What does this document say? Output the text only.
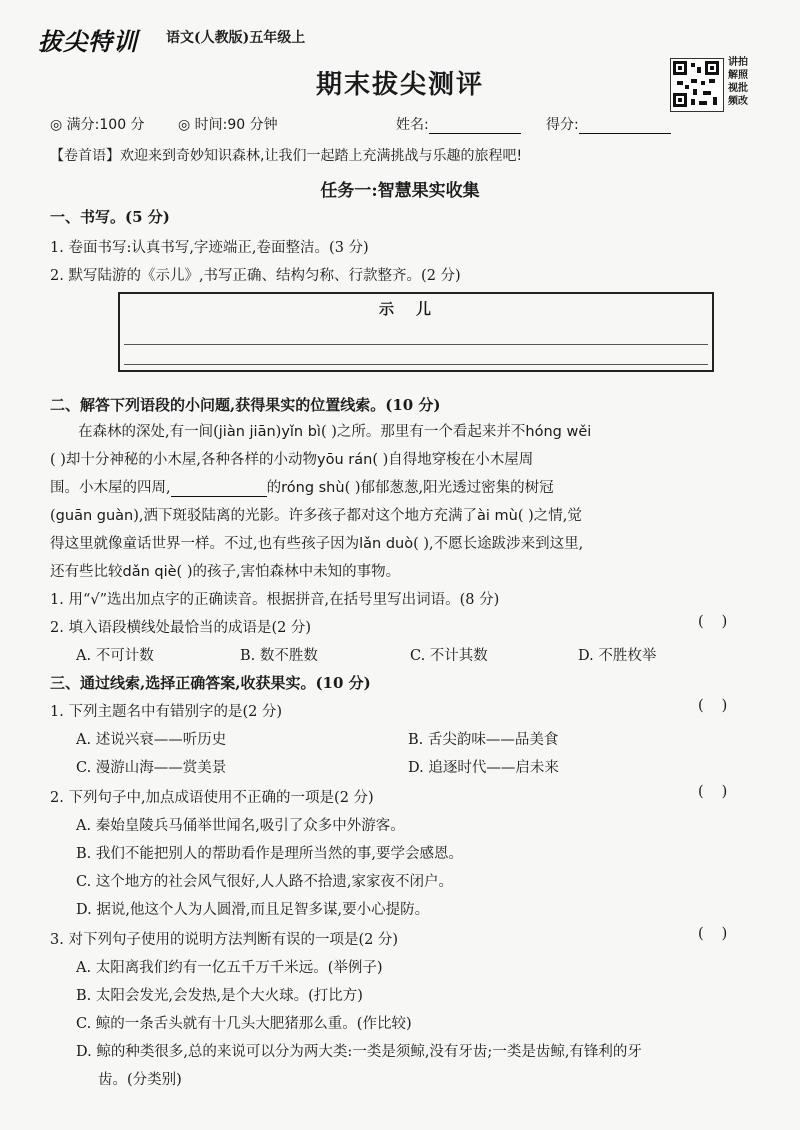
拔尖特训 语文(人教版)五年级上
期末拔尖测评
讲拍解照视批频改
◎ 满分:100 分 ◎ 时间:90 分钟	姓名:	得分:
【卷首语】欢迎来到奇妙知识森林,让我们一起踏上充满挑战与乐趣的旅程吧!
任务一:智慧果实收集
一、书写。(5 分)
1. 卷面书写:认真书写,字迹端正,卷面整洁。(3 分)
2. 默写陆游的《示儿》,书写正确、结构匀称、行款整齐。(2 分)
示儿
二、解答下列语段的小问题,获得果实的位置线索。(10 分)
在森林的深处,有一间(jiàn jiān)yǐn bì( )之所。那里有一个看起来并不hóng wěi
( )却十分神秘的小木屋,各种各样的小动物yōu rán( )自得地穿梭在小木屋周
围。小木屋的四周,	的róng shù( )郁郁葱葱,阳光透过密集的树冠
(guān guàn),洒下斑驳陆离的光影。许多孩子都对这个地方充满了ài mù( )之情,觉
得这里就像童话世界一样。不过,也有些孩子因为lǎn duò( ),不愿长途跋涉来到这里,
还有些比较dǎn qiè( )的孩子,害怕森林中未知的事物。
1. 用“√”选出加点字的正确读音。根据拼音,在括号里写出词语。(8 分)
2. 填入语段横线处最恰当的成语是(2 分)	()
A. 不可计数	B. 数不胜数	C. 不计其数	D. 不胜枚举
三、通过线索,选择正确答案,收获果实。(10 分)
1. 下列主题名中有错别字的是(2 分)	()
A. 述说兴衰——听历史	B. 舌尖韵味——品美食
C. 漫游山海——赏美景	D. 追逐时代——启未来
2. 下列句子中,加点成语使用不正确的一项是(2 分)	()
A. 秦始皇陵兵马俑举世闻名,吸引了众多中外游客。
B. 我们不能把别人的帮助看作是理所当然的事,要学会感恩。
C. 这个地方的社会风气很好,人人路不拾遗,家家夜不闭户。
D. 据说,他这个人为人圆滑,而且足智多谋,要小心提防。
3. 对下列句子使用的说明方法判断有误的一项是(2 分)	()
A. 太阳离我们约有一亿五千万千米远。(举例子)
B. 太阳会发光,会发热,是个大火球。(打比方)
C. 鲸的一条舌头就有十几头大肥猪那么重。(作比较)
D. 鲸的种类很多,总的来说可以分为两大类:一类是须鲸,没有牙齿;一类是齿鲸,有锋利的牙
齿。(分类别)
